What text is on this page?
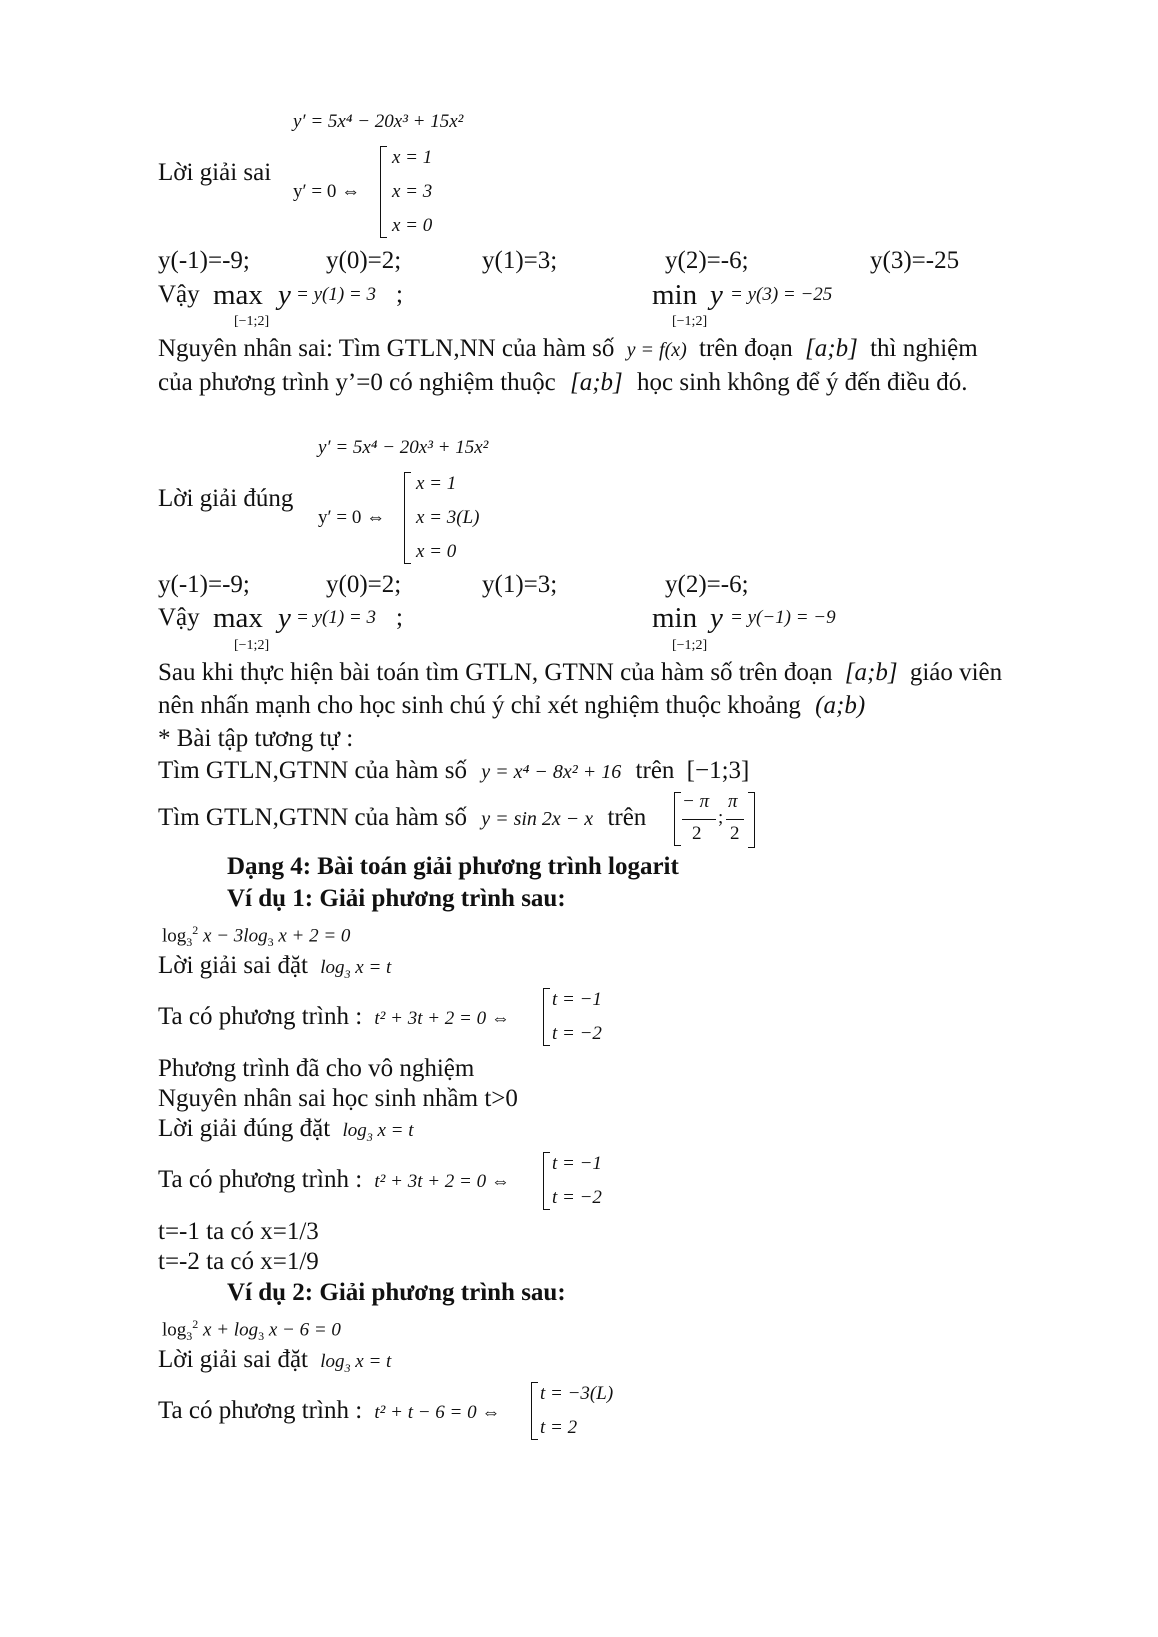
y′ = 5x⁴ − 20x³ + 15x²
Lời giải sai
y′ = 0 ⇔
x = 1
x = 3
x = 0
y(-1)=-9;	y(0)=2;	y(1)=3;	y(2)=-6;	y(3)=-25
Vậy max y = y(1) = 3 ;
[−1;2]
min y = y(3) = −25
[−1;2]
Nguyên nhân sai: Tìm GTLN,NN của hàm số y = f(x) trên đoạn [a;b] thì nghiệm
của phương trình y’=0 có nghiệm thuộc [a;b] học sinh không để ý đến điều đó.
y′ = 5x⁴ − 20x³ + 15x²
Lời giải đúng
y′ = 0 ⇔
x = 1
x = 3(L)
x = 0
y(-1)=-9;	y(0)=2;	y(1)=3;	y(2)=-6;
Vậy max y = y(1) = 3 ;
[−1;2]
min y = y(−1) = −9
[−1;2]
Sau khi thực hiện bài toán tìm GTLN, GTNN của hàm số trên đoạn [a;b] giáo viên
nên nhấn mạnh cho học sinh chú ý chỉ xét nghiệm thuộc khoảng (a;b)
* Bài tập tương tự :
Tìm GTLN,GTNN của hàm số y = x⁴ − 8x² + 16 trên [−1;3]
Tìm GTLN,GTNN của hàm số y = sin 2x − x trên
− π
2
;
π
2
Dạng 4: Bài toán giải phương trình logarit
Ví dụ 1: Giải phương trình sau:
$\log_3^2 x - 3\log_3$ x + 2 = 0
Lời giải sai đặt $\log_3 x = t$
Ta có phương trình : t² + 3t + 2 = 0 ⇔
t = −1
t = −2
Phương trình đã cho vô nghiệm
Nguyên nhân sai học sinh nhầm t>0
Lời giải đúng đặt $\log_3 x = t$
Ta có phương trình : t² + 3t + 2 = 0 ⇔
t = −1
t = −2
t=-1 ta có x=1/3
t=-2 ta có x=1/9
Ví dụ 2: Giải phương trình sau:
$\log_3^2 x + \log_3 x - 6 = 0$
Lời giải sai đặt $\log_3 x = t$
Ta có phương trình : t² + t − 6 = 0 ⇔
t = −3(L)
t = 2
